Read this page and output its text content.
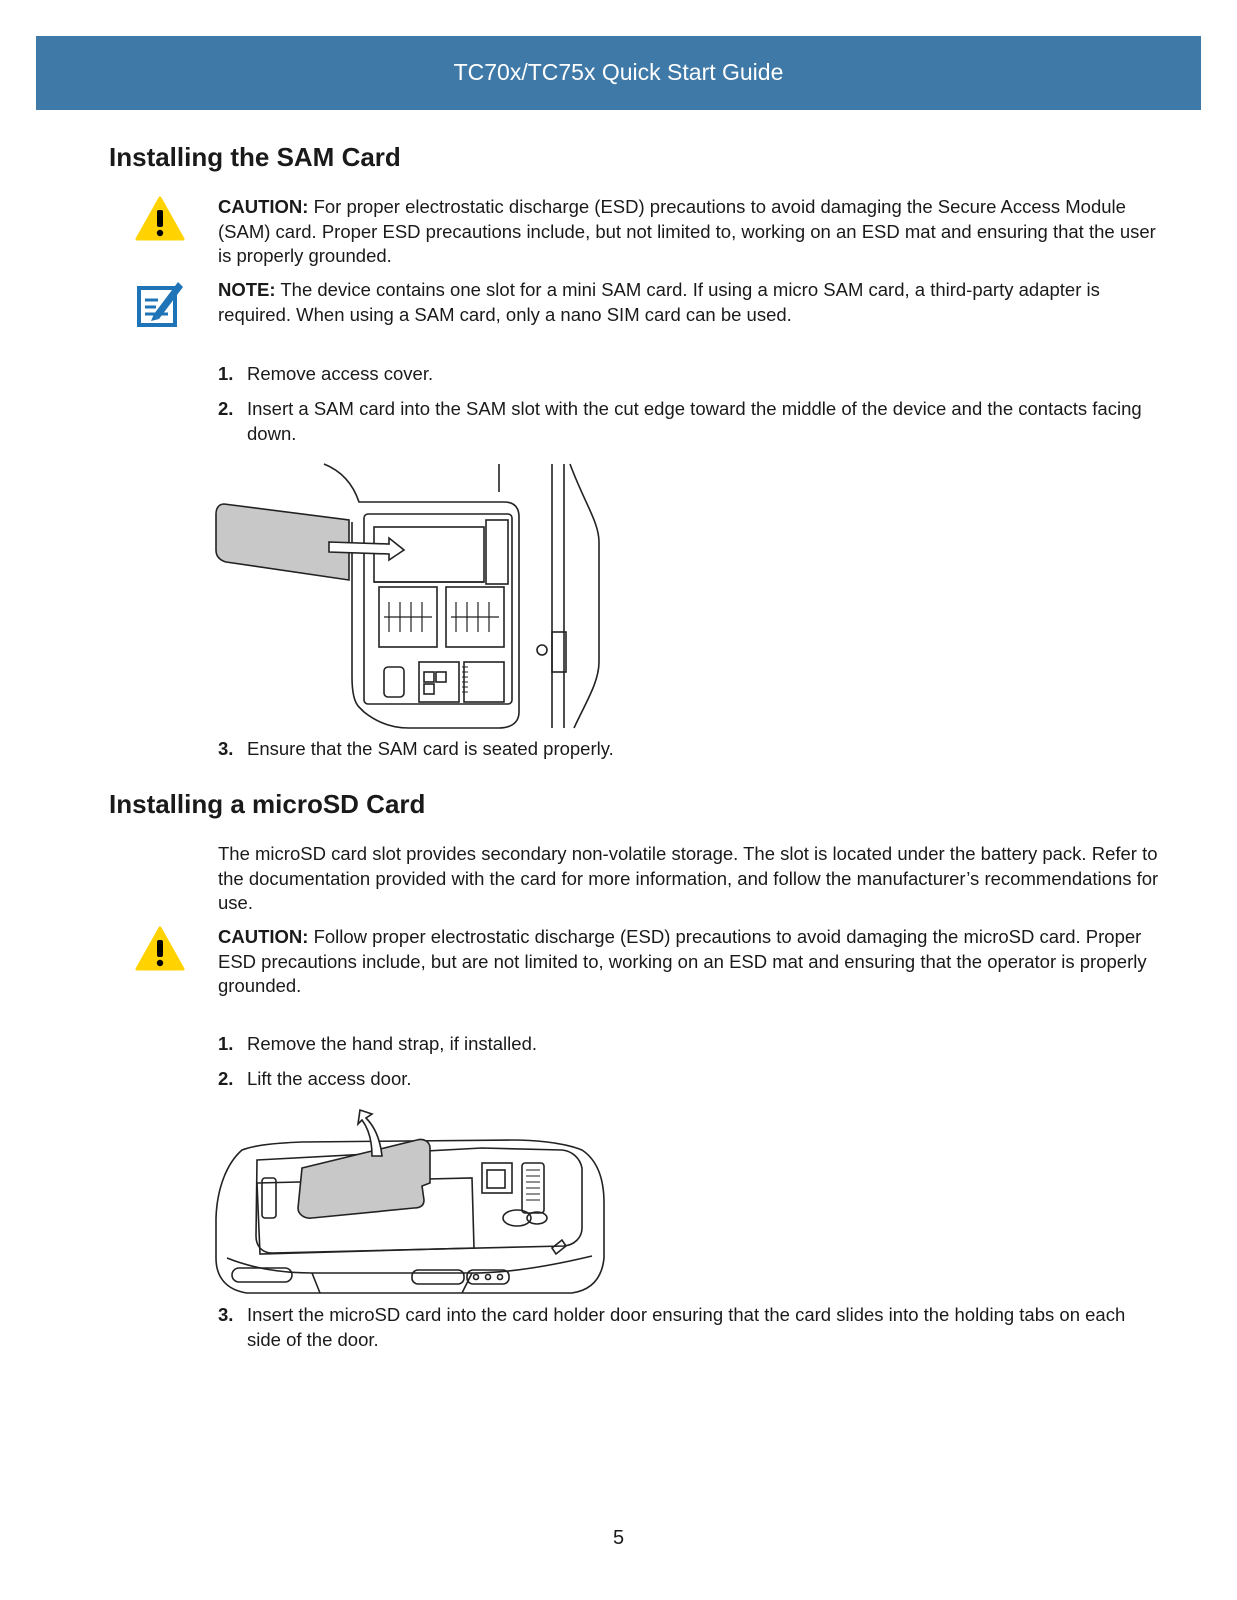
TC70x/TC75x Quick Start Guide
Installing the SAM Card
CAUTION: For proper electrostatic discharge (ESD) precautions to avoid damaging the Secure Access Module (SAM) card. Proper ESD precautions include, but not limited to, working on an ESD mat and ensuring that the user is properly grounded.
NOTE: The device contains one slot for a mini SAM card. If using a micro SAM card, a third-party adapter is required. When using a SAM card, only a nano SIM card can be used.
1. Remove access cover.
2. Insert a SAM card into the SAM slot with the cut edge toward the middle of the device and the contacts facing down.
3. Ensure that the SAM card is seated properly.
Installing a microSD Card
The microSD card slot provides secondary non-volatile storage. The slot is located under the battery pack. Refer to the documentation provided with the card for more information, and follow the manufacturer’s recommendations for use.
CAUTION: Follow proper electrostatic discharge (ESD) precautions to avoid damaging the microSD card. Proper ESD precautions include, but are not limited to, working on an ESD mat and ensuring that the operator is properly grounded.
1. Remove the hand strap, if installed.
2. Lift the access door.
3. Insert the microSD card into the card holder door ensuring that the card slides into the holding tabs on each side of the door.
5
